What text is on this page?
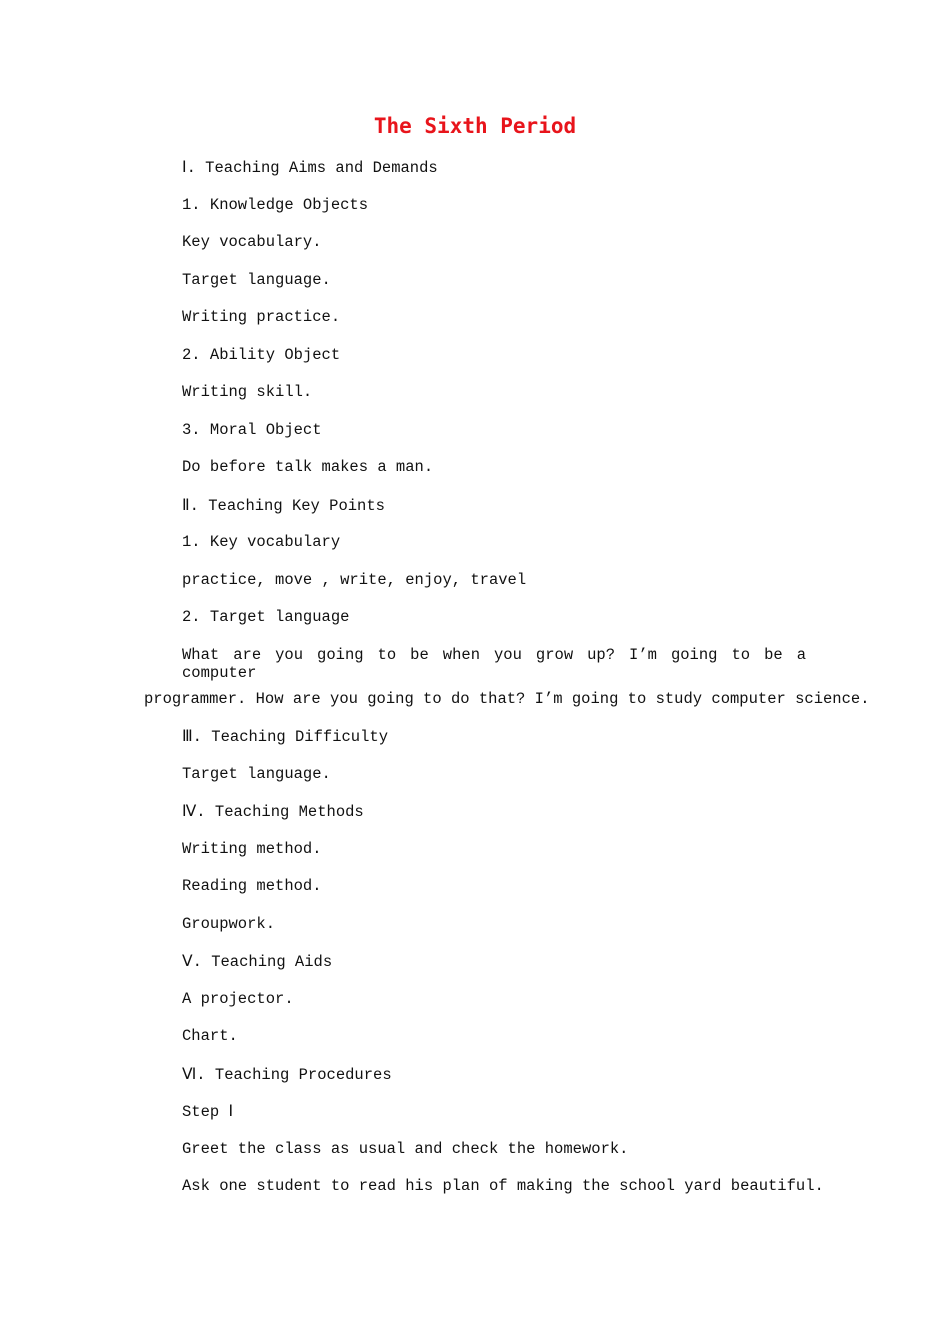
The Sixth Period
Ⅰ. Teaching Aims and Demands
1. Knowledge Objects
Key vocabulary.
Target language.
Writing practice.
2. Ability Object
Writing skill.
3. Moral Object
Do before talk makes a man.
Ⅱ. Teaching Key Points
1. Key vocabulary
practice, move , write, enjoy, travel
2. Target language
What are you going to be when you grow up? I’m going to be a computer
programmer. How are you going to do that? I’m going to study computer science.
Ⅲ. Teaching Difficulty
Target language.
Ⅳ. Teaching Methods
Writing method.
Reading method.
Groupwork.
Ⅴ. Teaching Aids
A projector.
Chart.
Ⅵ. Teaching Procedures
Step Ⅰ
Greet the class as usual and check the homework.
Ask one student to read his plan of making the school yard beautiful.
